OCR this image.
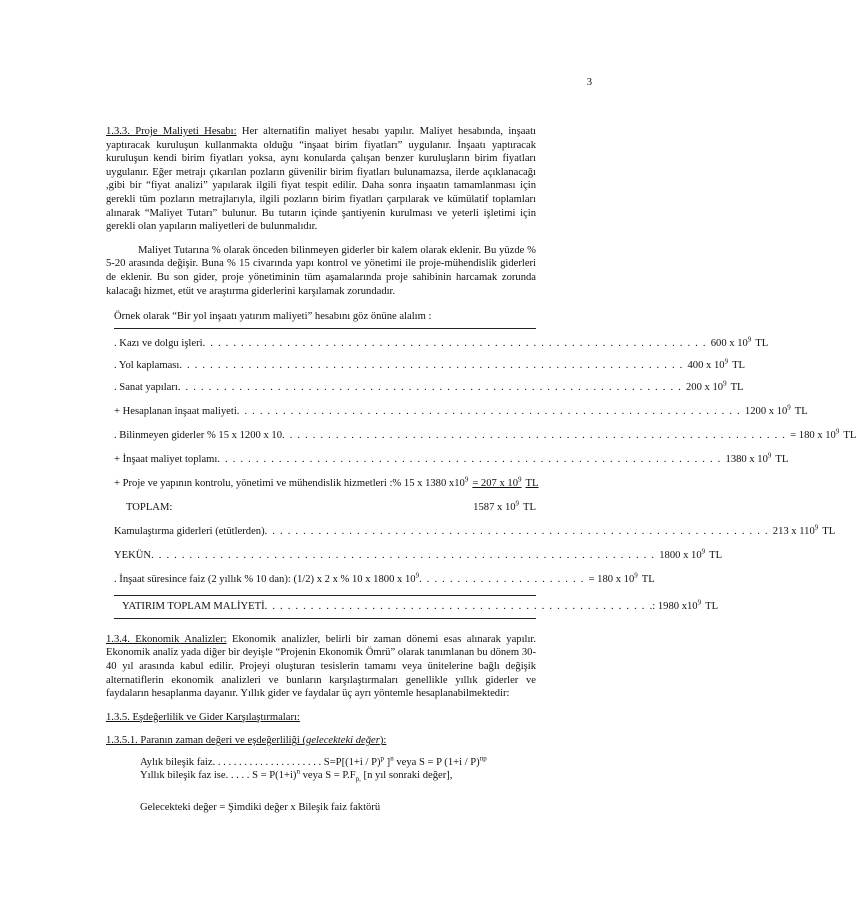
3

1.3.3. Proje Maliyeti Hesabı: Her alternatifin maliyet hesabı yapılır. Maliyet hesabında, inşaatı yaptıracak kuruluşun kullanmakta olduğu “inşaat birim fiyatları” uygulanır. İnşaatı yaptıracak kuruluşun kendi birim fiyatları yoksa, aynı konularda çalışan benzer kuruluşların birim fiyatları uygulanır. Eğer metrajı çıkarılan pozların güvenilir birim fiyatları bulunamazsa, ilerde açıklanacağı ,gibi bir “fiyat analizi” yapılarak ilgili fiyat tespit edilir. Daha sonra inşaatın tamamlanması için gerekli tüm pozların metrajlarıyla, ilgili pozların birim fiyatları çarpılarak ve kümülatif toplamları alınarak “Maliyet Tutarı” bulunur. Bu tutarın içinde şantiyenin kurulması ve yeterli işletimi için gerekli olan yapıların maliyetleri de bulunmalıdır.

Maliyet Tutarına % olarak önceden bilinmeyen giderler bir kalem olarak eklenir. Bu yüzde % 5-20 arasında değişir. Buna % 15 civarında yapı kontrol ve yönetimi ile proje-mühendislik giderleri de eklenir. Bu son gider, proje yönetiminin tüm aşamalarında proje sahibinin harcamak zorunda kalacağı hizmet, etüt ve araştırma giderlerini karşılamak zorundadır.

Örnek olarak “Bir yol inşaatı yatırım maliyeti” hesabını göz önüne alalım :
. Kazı ve dolgu işleri . . . . . . . . . . . . . . . . . . . . . . . . . . . . . . . . . . . . . . . . . . . . . . . . . . . . . . . . . . . . . . . . . . 600 x $10^9$ TL
. Yol kaplaması . . . . . . . . . . . . . . . . . . . . . . . . . . . . . . . . . . . . . . . . . . . . . . . . . . . . . . . . . . . . . . . . . . 400 x $10^9$ TL
. Sanat yapıları . . . . . . . . . . . . . . . . . . . . . . . . . . . . . . . . . . . . . . . . . . . . . . . . . . . . . . . . . . . . . . . . . . 200 x $10^9$ TL
+ Hesaplanan inşaat maliyeti . . . . . . . . . . . . . . . . . . . . . . . . . . . . . . . . . . . . . . . . . . . . . . . . . . . . . . . . . . . . . . . . . . 1200 x $10^9$ TL
. Bilinmeyen giderler % 15 x 1200 x 10 . . . . . . . . . . . . . . . . . . . . . . . . . . . . . . . . . . . . . . . . . . . . . . . . . . . . . . . . . . . . . . . . . . = 180 x $10^9$ TL
+ İnşaat maliyet toplamı . . . . . . . . . . . . . . . . . . . . . . . . . . . . . . . . . . . . . . . . . . . . . . . . . . . . . . . . . . . . . . . . . . 1380 x $10^9$ TL
+ Proje ve yapının kontrolu, yönetimi ve mühendislik hizmetleri :% 15 x 1380 $x10^9 = 207$ x $10^9$ TL
TOPLAM:	1587 x $10^9$ TL
Kamulaştırma giderleri (etütlerden) . . . . . . . . . . . . . . . . . . . . . . . . . . . . . . . . . . . . . . . . . . . . . . . . . . . . . . . . . . . . . . . . . . 213 x $110^9$ TL
YEKÜN . . . . . . . . . . . . . . . . . . . . . . . . . . . . . . . . . . . . . . . . . . . . . . . . . . . . . . . . . . . . . . . . . . 1800 x $10^9$ TL
. İnşaat süresince faiz (2 yıllık % 10 dan): (1/2) x 2 x % 10 x 1800 x $10^9$ . . . . . . . . . . . . . . . . . . . . . . = 180 x $10^9$ TL
YATIRIM TOPLAM MALİYETİ . . . . . . . . . . . . . . . . . . . . . . . . . . . . . . . . . . . . . . . . . . . . . . . . . . .: 1980 $x10^9$ TL

1.3.4. Ekonomik Analizler: Ekonomik analizler, belirli bir zaman dönemi esas alınarak yapılır. Ekonomik analiz yada diğer bir deyişle “Projenin Ekonomik Ömrü” olarak tanımlanan bu dönem 30-40 yıl arasında kabul edilir. Projeyi oluşturan tesislerin tamamı veya ünitelerine bağlı değişik alternatiflerin ekonomik analizleri ve bunların karşılaştırmaları genellikle yıllık giderler ve faydaların hesaplanma dayanır. Yıllık gider ve faydalar üç ayrı yöntemle hesaplanabilmektedir:

1.3.5. Eşdeğerlilik ve Gider Karşılaştırmaları:

1.3.5.1. Paranın zaman değeri ve eşdeğerliliği (gelecekteki değer):

Aylık bileşik faiz. . . . . . . . . . . . . . . . . . . . . $S=P[(1+i / P)^p$ ]$^n$ veya S = P $(1+i / P)^{np}$

Yıllık bileşik faz ise. . . . . $S = P(1+i)^n$ veya $S = P.F_{p,}$ [n yıl sonraki değer],

Gelecekteki değer = Şimdiki değer x Bileşik faiz faktörü
